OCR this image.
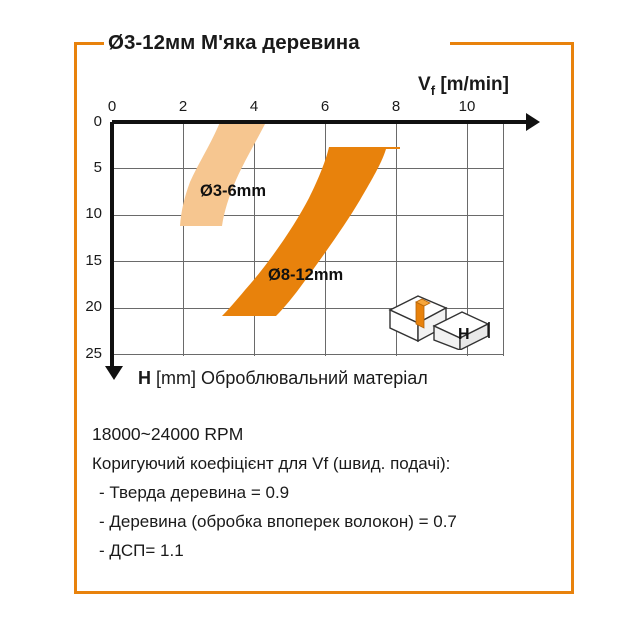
Ø3-12мм М'яка деревина
Ø3-6mm
Ø8-12mm
0	2	4	6	8	10
0
5
10
15
20
25
$V_f$ [m/min]
H [mm] Оброблювальний матеріал
H
18000~24000 RPM
Коригуючий коефіцієнт для Vf (швид. подачі):
- Тверда деревина = 0.9
- Деревина (обробка впоперек волокон) = 0.7
- ДСП= 1.1
